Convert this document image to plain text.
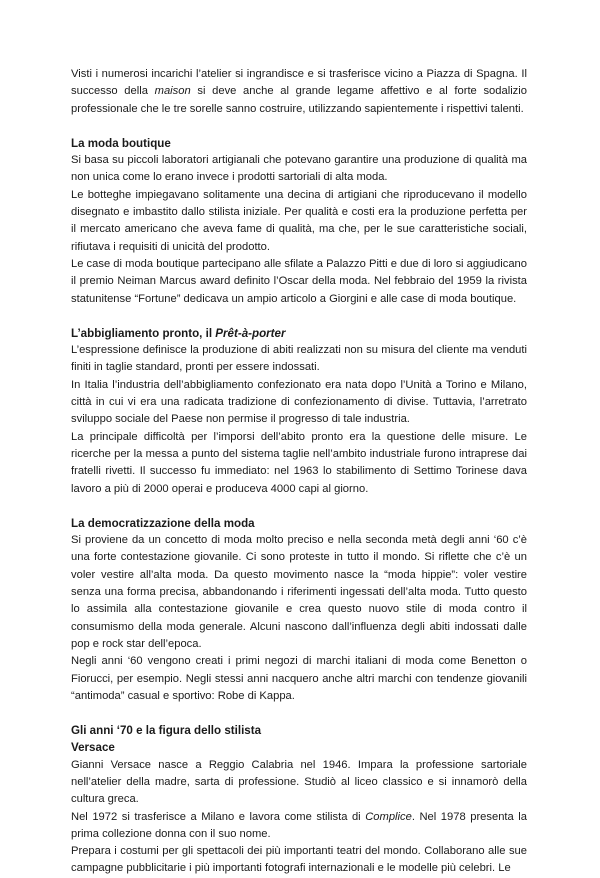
Visti i numerosi incarichi l’atelier si ingrandisce e si trasferisce vicino a Piazza di Spagna. Il successo della maison si deve anche al grande legame affettivo e al forte sodalizio professionale che le tre sorelle sanno costruire, utilizzando sapientemente i rispettivi talenti.

La moda boutique

Si basa su piccoli laboratori artigianali che potevano garantire una produzione di qualità ma non unica come lo erano invece i prodotti sartoriali di alta moda.

Le botteghe impiegavano solitamente una decina di artigiani che riproducevano il modello disegnato e imbastito dallo stilista iniziale. Per qualità e costi era la produzione perfetta per il mercato americano che aveva fame di qualità, ma che, per le sue caratteristiche sociali, rifiutava i requisiti di unicità del prodotto.

Le case di moda boutique partecipano alle sfilate a Palazzo Pitti e due di loro si aggiudicano il premio Neiman Marcus award definito l’Oscar della moda. Nel febbraio del 1959 la rivista statunitense “Fortune” dedicava un ampio articolo a Giorgini e alle case di moda boutique.

L’abbigliamento pronto, il Prêt-à-porter

L’espressione definisce la produzione di abiti realizzati non su misura del cliente ma venduti finiti in taglie standard, pronti per essere indossati.

In Italia l’industria dell’abbigliamento confezionato era nata dopo l’Unità a Torino e Milano, città in cui vi era una radicata tradizione di confezionamento di divise. Tuttavia, l’arretrato sviluppo sociale del Paese non permise il progresso di tale industria.

La principale difficoltà per l’imporsi dell’abito pronto era la questione delle misure. Le ricerche per la messa a punto del sistema taglie nell’ambito industriale furono intraprese dai fratelli rivetti. Il successo fu immediato: nel 1963 lo stabilimento di Settimo Torinese dava lavoro a più di 2000 operai e produceva 4000 capi al giorno.

La democratizzazione della moda

Si proviene da un concetto di moda molto preciso e nella seconda metà degli anni ‘60 c’è una forte contestazione giovanile. Ci sono proteste in tutto il mondo. Si riflette che c’è un voler vestire all’alta moda. Da questo movimento nasce la “moda hippie”: voler vestire senza una forma precisa, abbandonando i riferimenti ingessati dell’alta moda. Tutto questo lo assimila alla contestazione giovanile e crea questo nuovo stile di moda contro il consumismo della moda generale. Alcuni nascono dall’influenza degli abiti indossati dalle pop e rock star dell’epoca.

Negli anni ‘60 vengono creati i primi negozi di marchi italiani di moda come Benetton o Fiorucci, per esempio. Negli stessi anni nacquero anche altri marchi con tendenze giovanili “antimoda” casual e sportivo: Robe di Kappa.

Gli anni ‘70 e la figura dello stilista
Versace

Gianni Versace nasce a Reggio Calabria nel 1946. Impara la professione sartoriale nell’atelier della madre, sarta di professione. Studiò al liceo classico e si innamorò della cultura greca.

Nel 1972 si trasferisce a Milano e lavora come stilista di Complice. Nel 1978 presenta la prima collezione donna con il suo nome.

Prepara i costumi per gli spettacoli dei più importanti teatri del mondo. Collaborano alle sue campagne pubblicitarie i più importanti fotografi internazionali e le modelle più celebri. Le
